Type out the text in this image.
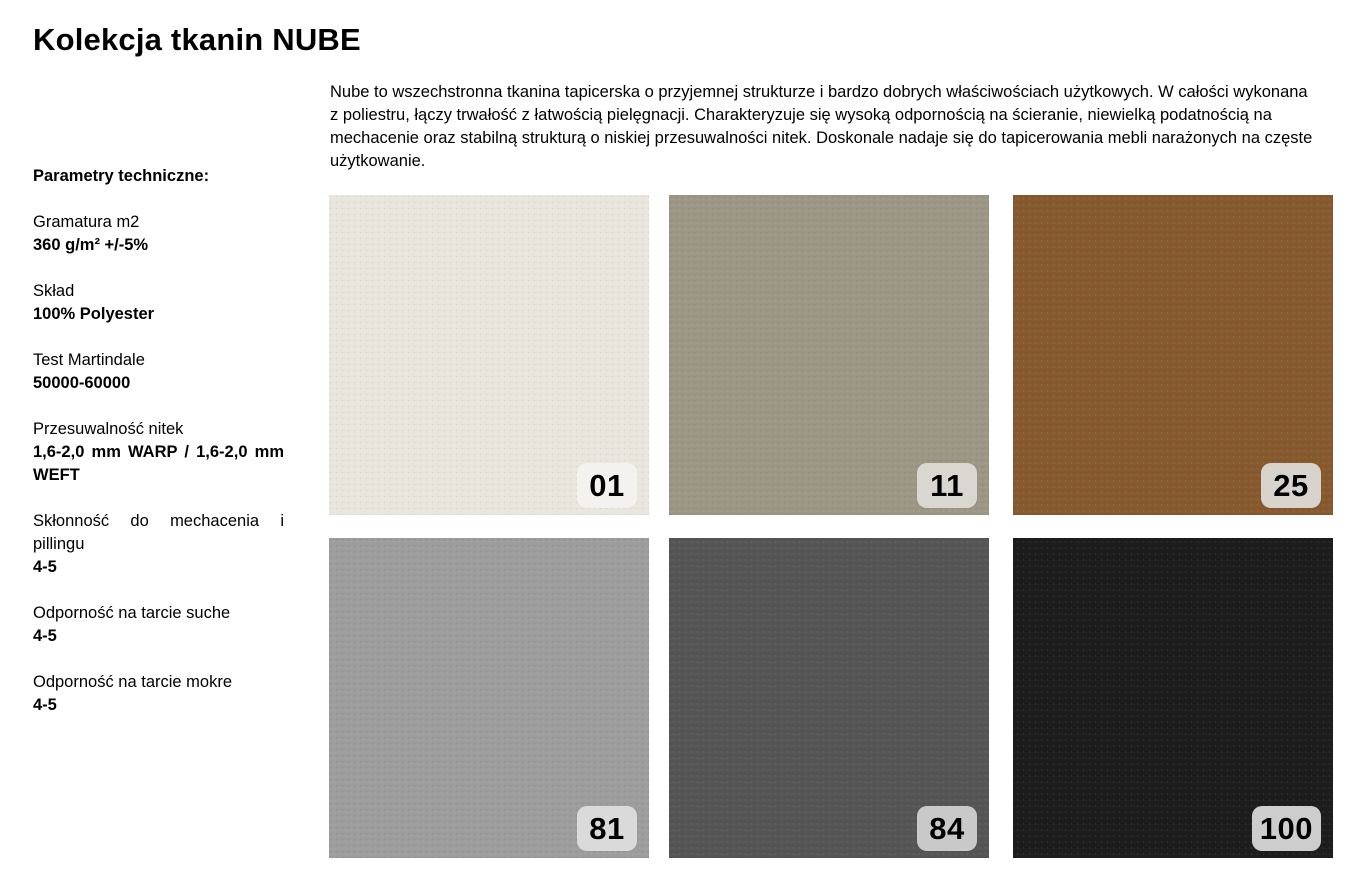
Kolekcja tkanin NUBE

Nube to wszechstronna tkanina tapicerska o przyjemnej strukturze i bardzo dobrych właściwościach użytkowych. W całości wykonana z poliestru, łączy trwałość z łatwością pielęgnacji. Charakteryzuje się wysoką odpornością na ścieranie, niewielką podatnością na mechacenie oraz stabilną strukturą o niskiej przesuwalności nitek. Doskonale nadaje się do tapicerowania mebli narażonych na częste użytkowanie.

Parametry techniczne:

Gramatura m2
360 g/m² +/-5%
Skład
100% Polyester
Test Martindale
50000-60000
Przesuwalność nitek
1,6-2,0 mm WARP / 1,6-2,0 mm WEFT
Skłonność do mechacenia i pillingu
4-5
Odporność na tarcie suche
4-5
Odporność na tarcie mokre
4-5
01	11	25
81	84	100
